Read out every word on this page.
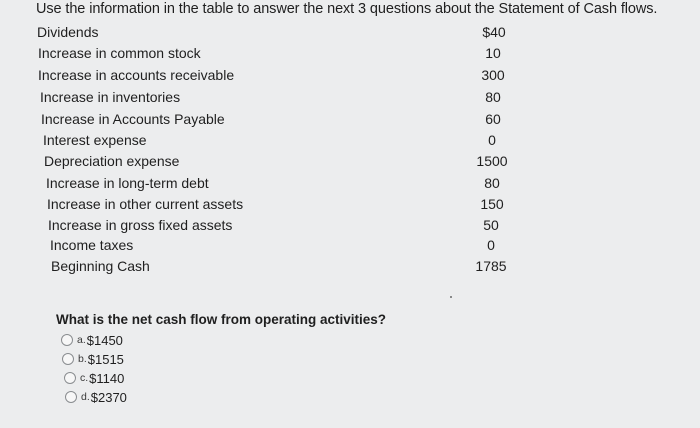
Use the information in the table to answer the next 3 questions about the Statement of Cash flows.
Dividends	$40
Increase in common stock	10
Increase in accounts receivable	300
Increase in inventories	80
Increase in Accounts Payable	60
Interest expense	0
Depreciation expense	1500
Increase in long-term debt	80
Increase in other current assets	150
Increase in gross fixed assets	50
Income taxes	0
Beginning Cash	1785
What is the net cash flow from operating activities?
a. $1450
b. $1515
c. $1140
d. $2370
